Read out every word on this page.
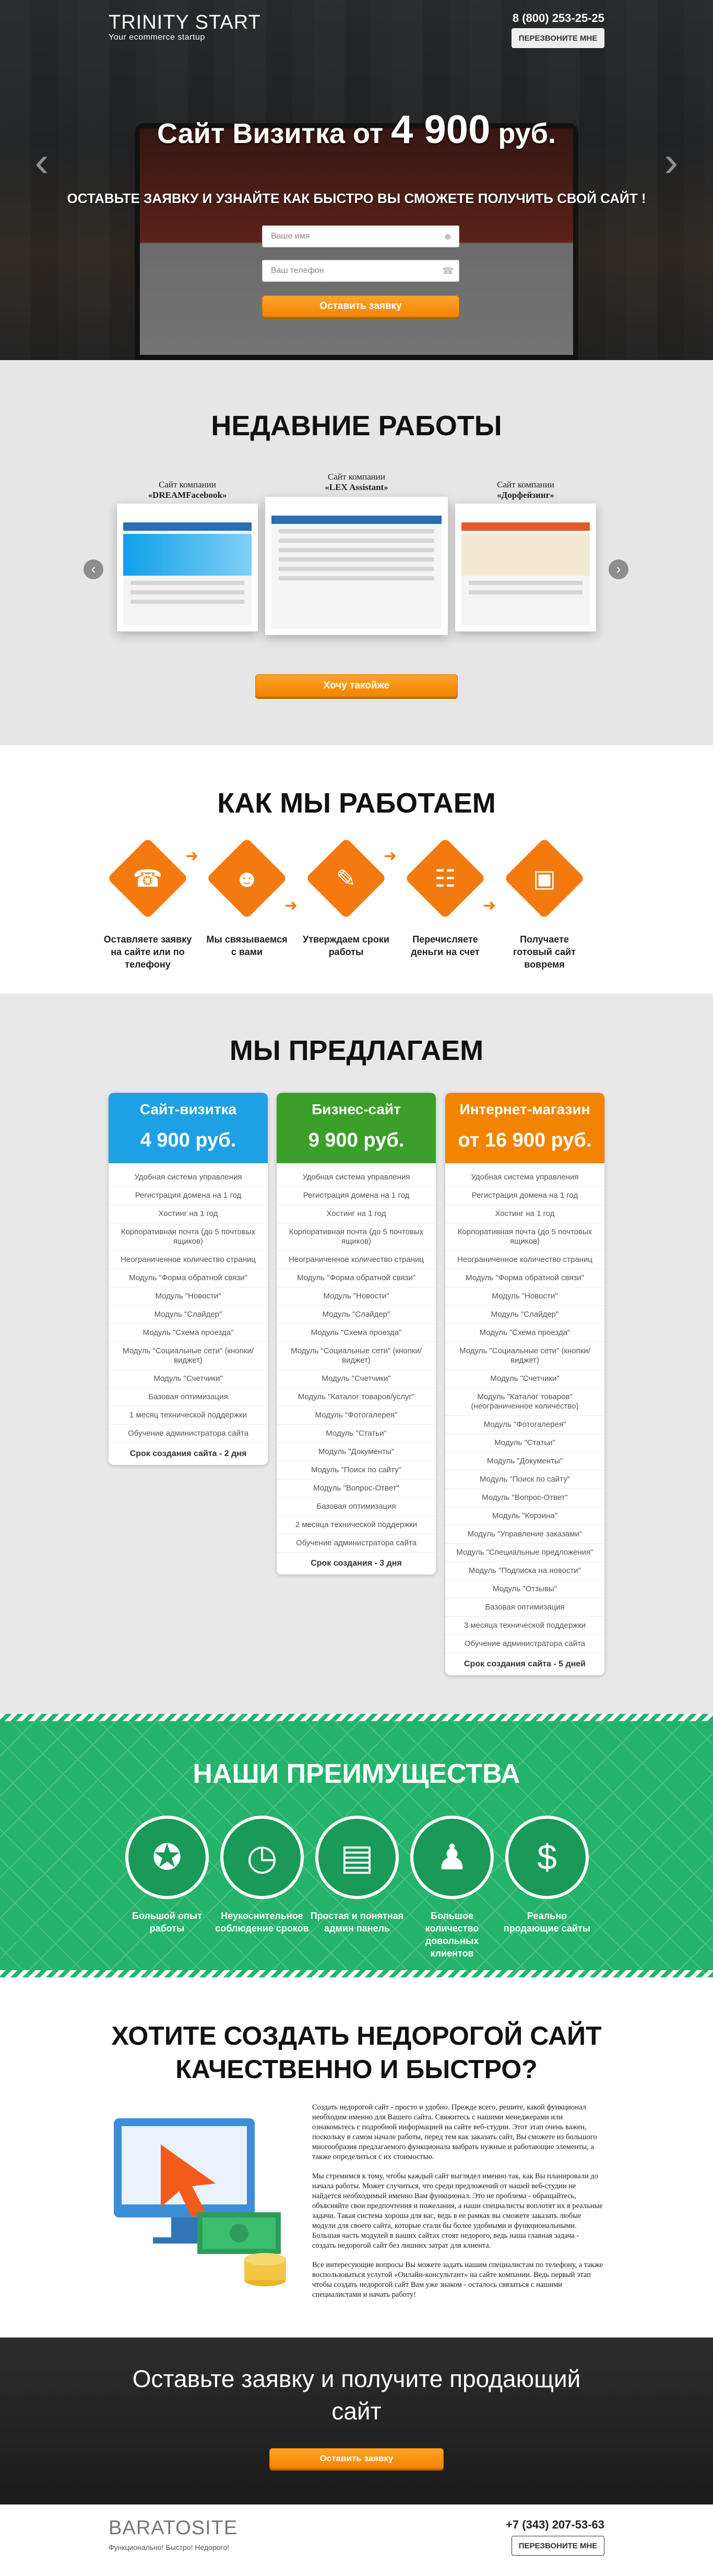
TRINITY START
Your ecommerce startup
8 (800) 253-25-25
ПЕРЕЗВОНИТЕ МНЕ
‹	›
Сайт Визитка от 4 900 руб.
ОСТАВЬТЕ ЗАЯВКУ И УЗНАЙТЕ КАК БЫСТРО ВЫ СМОЖЕТЕ ПОЛУЧИТЬ СВОЙ САЙТ !
Ваше имя	☻
Ваш телефон	☎
Оставить заявку
НЕДАВНИЕ РАБОТЫ
‹	›
Сайт компании
«DREAMFacebook»
Сайт компании
«LEX Assistant»	Сайт компании
«Дорфейзинг»
Хочу такойже
КАК МЫ РАБОТАЕМ
☎
Оставляете заявку на сайте или по телефону
➜
☻
Мы связываемся с вами
➜
✎
Утверждаем сроки работы
➜
☷
Перечисляете деньги на счет
➜
▣
Получаете готовый сайт вовремя
МЫ ПРЕДЛАГАЕМ
Сайт-визитка
4 900 руб.
Удобная система управления
Регистрация домена на 1 год
Хостинг на 1 год
Корпоративная почта (до 5 почтовых ящиков)
Неограниченное количество страниц
Модуль "Форма обратной связи"
Модуль "Новости"
Модуль "Слайдер"
Модуль "Схема проезда"
Модуль "Социальные сети" (кнопки/виджет)
Модуль "Счетчики"
Базовая оптимизация
1 месяц технической поддержки
Обучение администратора сайта
Срок создания сайта - 2 дня
Бизнес-сайт
9 900 руб.
Удобная система управления
Регистрация домена на 1 год
Хостинг на 1 год
Корпоративная почта (до 5 почтовых ящиков)
Неограниченное количество страниц
Модуль "Форма обратной связи"
Модуль "Новости"
Модуль "Слайдер"
Модуль "Схема проезда"
Модуль "Социальные сети" (кнопки/виджет)
Модуль "Счетчики"
Модуль "Каталог товаров/услуг"
Модуль "Фотогалерея"
Модуль "Статьи"
Модуль "Документы"
Модуль "Поиск по сайту"
Модуль "Вопрос-Ответ"
Базовая оптимизация
2 месяца технической поддержки
Обучение администратора сайта
Срок создания - 3 дня
Интернет-магазин
от 16 900 руб.
Удобная система управления
Регистрация домена на 1 год
Хостинг на 1 год
Корпоративная почта (до 5 почтовых ящиков)
Неограниченное количество страниц
Модуль "Форма обратной связи"
Модуль "Новости"
Модуль "Слайдер"
Модуль "Схема проезда"
Модуль "Социальные сети" (кнопки/виджет)
Модуль "Счетчики"
Модуль "Каталог товаров" (неограниченное количество)
Модуль "Фотогалерея"
Модуль "Статьи"
Модуль "Документы"
Модуль "Поиск по сайту"
Модуль "Вопрос-Ответ"
Модуль "Корзина"
Модуль "Управление заказами"
Модуль "Специальные предложения"
Модуль "Подписка на новости"
Модуль "Отзывы"
Базовая оптимизация
3 месяца технической поддержки
Обучение администратора сайта
Срок создания сайта - 5 дней
НАШИ ПРЕИМУЩЕСТВА
✪
Большой опыт работы
◷
Неукоснительное соблюдение сроков
▤
Простая и понятная админ панель
♟
Большое количество довольных клиентов
$
Реально продающие сайты
ХОТИТЕ СОЗДАТЬ НЕДОРОГОЙ САЙТ
КАЧЕСТВЕННО И БЫСТРО?

Создать недорогой сайт - просто и удобно. Прежде всего, решите, какой функционал необходим именно для Вашего сайта. Свяжитесь с нашими менеджерами или ознакомьтесь с подробной информацией на сайте веб-студии. Этот этап очень важен, поскольку в самом начале работы, перед тем как заказать сайт, Вы сможете из большого многообразия предлагаемого функционала выбрать нужные и работающие элементы, а также определиться с их стоимостью.

Мы стремимся к тому, чтобы каждый сайт выглядел именно так, как Вы планировали до начала работы. Может случиться, что среди предложений от нашей веб-студии не найдется необходимый именно Вам функционал. Это не проблема - обращайтесь, объясняйте свои предпочтения и пожелания, а наши специалисты воплотят их в реальные задачи. Такая система хороша для вас, ведь в ее рамках вы сможете заказать любые модули для своего сайта, которые стали бы более удобными и функциональными. Большая часть модулей в наших сайтах стоят недорого, ведь наша главная задача - создать недорогой сайт без лишних затрат для клиента.

Все интересующие вопросы Вы можете задать нашим специалистам по телефону, а также воспользоваться услугой «Онлайн-консультант» на сайте компании. Ведь первый этап чтобы создать недорогой сайт Вам уже знаком - осталось связаться с нашими специалистами и начать работу!

Оставьте заявку и получите продающий
сайт
Оставить заявку
BARATOSITE
Функционально! Быстро! Недорого!
+7 (343) 207-53-63
ПЕРЕЗВОНИТЕ МНЕ
